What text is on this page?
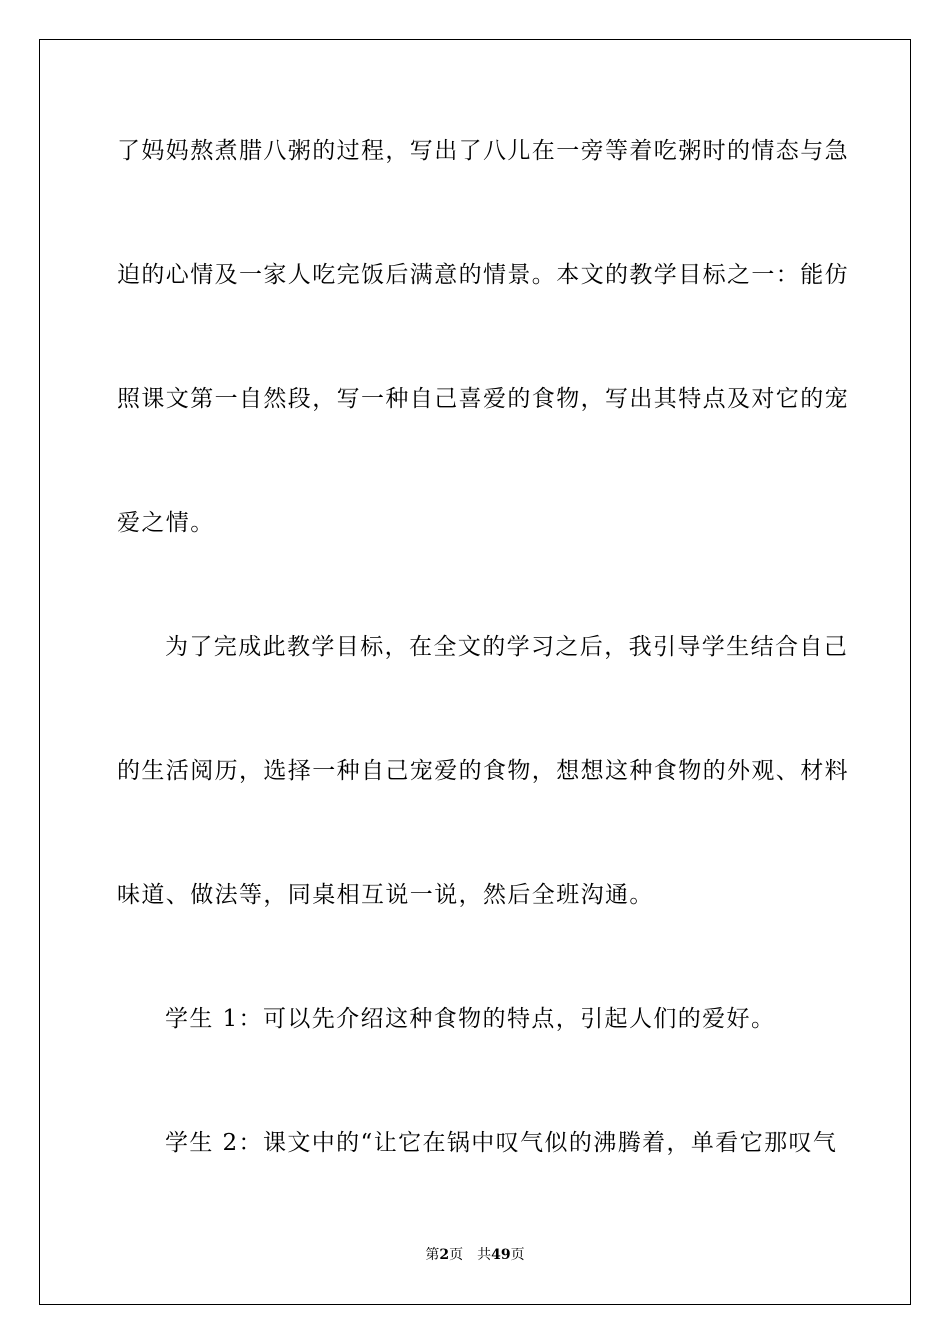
了妈妈熬煮腊八粥的过程，写出了八儿在一旁等着吃粥时的情态与急
迫的心情及一家人吃完饭后满意的情景。本文的教学目标之一：能仿
照课文第一自然段，写一种自己喜爱的食物，写出其特点及对它的宠
爱之情。
为了完成此教学目标，在全文的学习之后，我引导学生结合自己
的生活阅历，选择一种自己宠爱的食物，想想这种食物的外观、材料
味道、做法等，同桌相互说一说，然后全班沟通。
学生 1：可以先介绍这种食物的特点，引起人们的爱好。
学生 2：课文中的“让它在锅中叹气似的沸腾着，单看它那叹气
第2页 共49页
